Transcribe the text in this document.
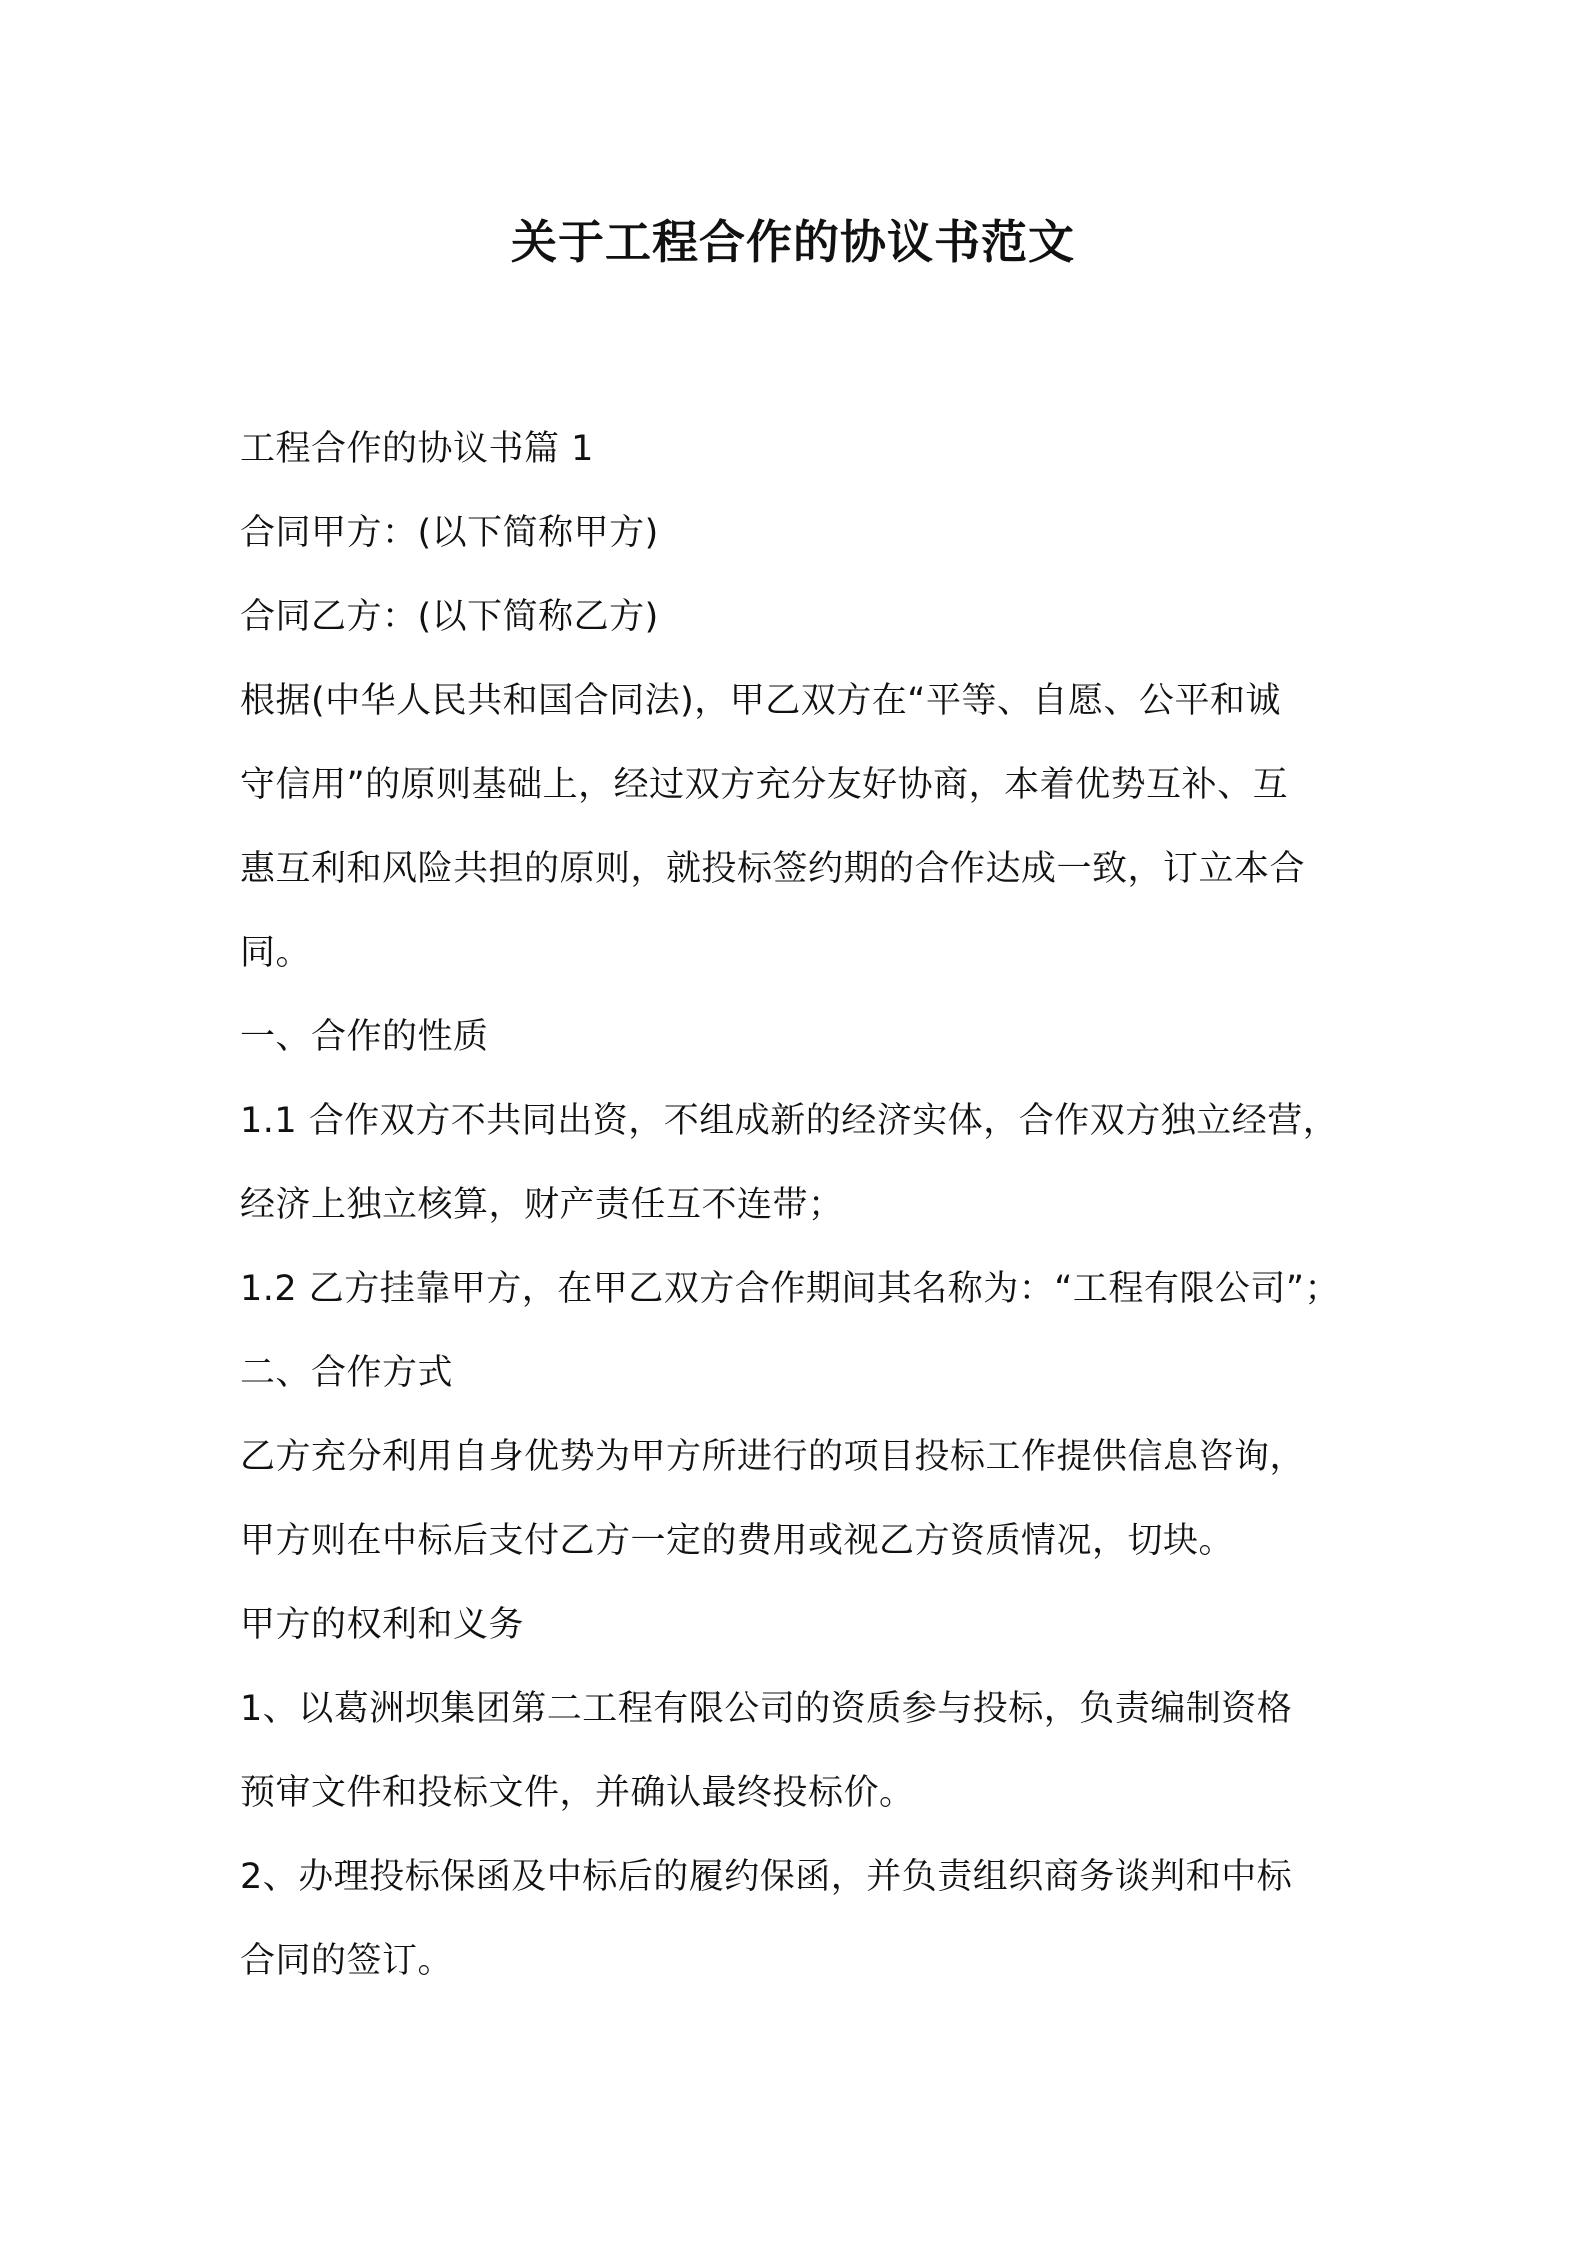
关于工程合作的协议书范文
工程合作的协议书篇 1
合同甲方：(以下简称甲方)
合同乙方：(以下简称乙方)
根据(中华人民共和国合同法)，甲乙双方在“平等、自愿、公平和诚
守信用”的原则基础上，经过双方充分友好协商，本着优势互补、互
惠互利和风险共担的原则，就投标签约期的合作达成一致，订立本合
同。
一、合作的性质
1.1 合作双方不共同出资，不组成新的经济实体，合作双方独立经营，
经济上独立核算，财产责任互不连带；
1.2 乙方挂靠甲方，在甲乙双方合作期间其名称为：“工程有限公司”；
二、合作方式
乙方充分利用自身优势为甲方所进行的项目投标工作提供信息咨询，
甲方则在中标后支付乙方一定的费用或视乙方资质情况，切块。
甲方的权利和义务
1、以葛洲坝集团第二工程有限公司的资质参与投标，负责编制资格
预审文件和投标文件，并确认最终投标价。
2、办理投标保函及中标后的履约保函，并负责组织商务谈判和中标
合同的签订。
